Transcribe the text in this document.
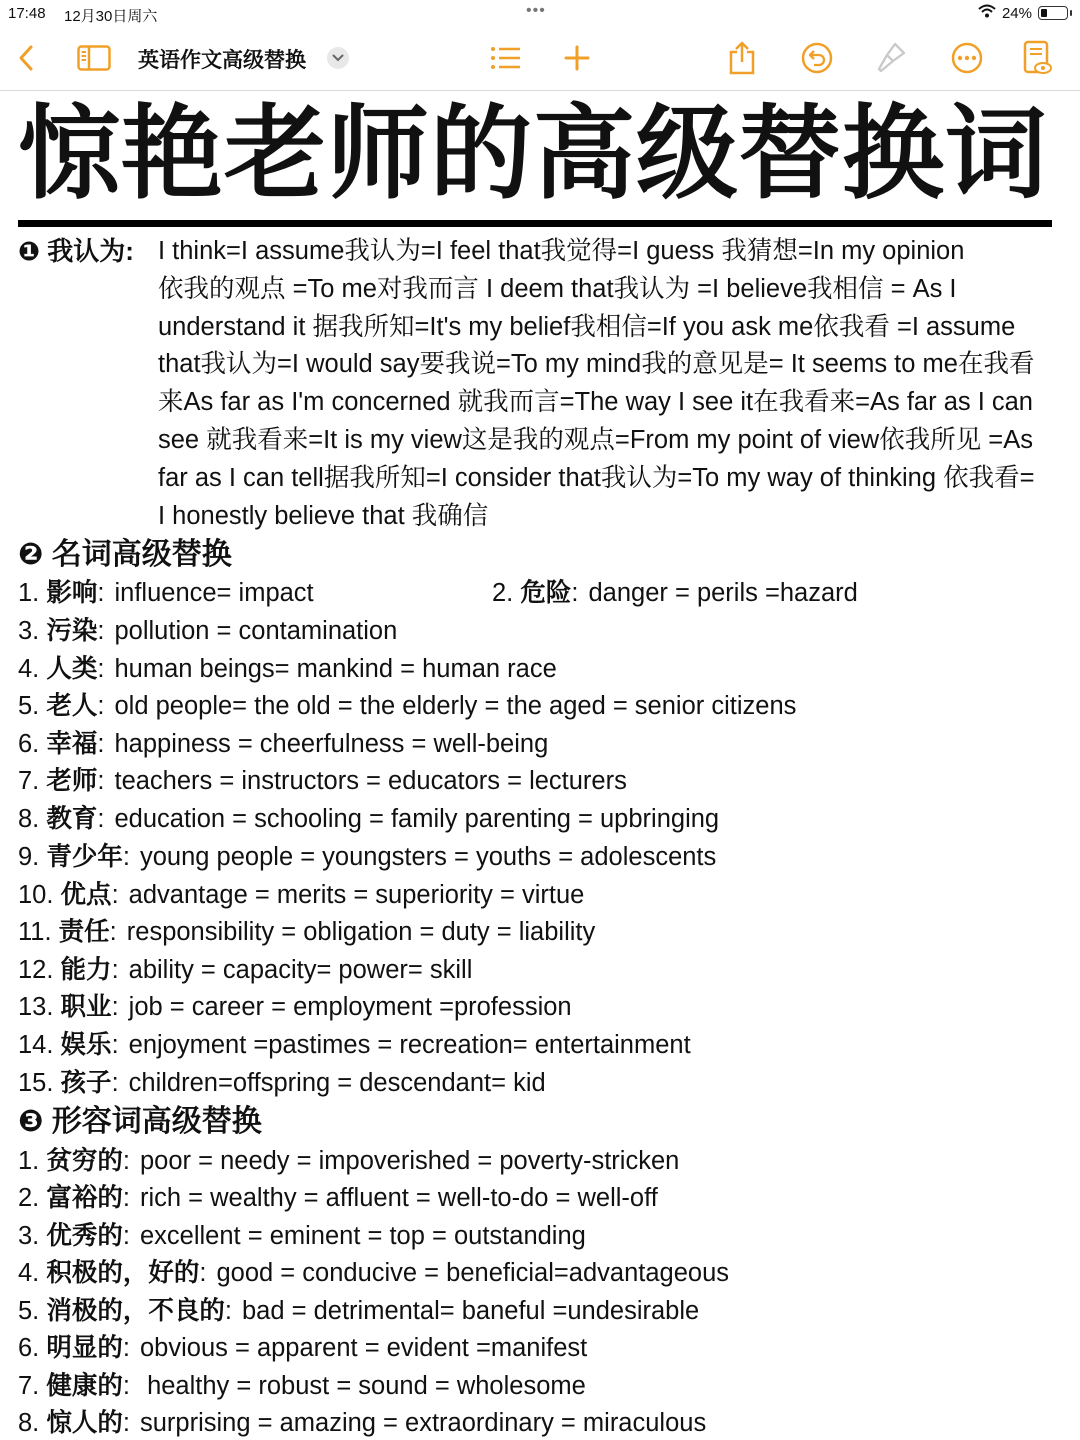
17:48 12月30日周六	•••	24%
英语作文高级替换
惊艳老师的高级替换词
❶ 我认为: I think=I assume我认为=I feel that我觉得=I guess 我猜想=In my opinion
依我的观点 =To me对我而言 I deem that我认为 =I believe我相信 = As I
understand it 据我所知=It's my belief我相信=If you ask me依我看 =I assume
that我认为=I would say要我说=To my mind我的意见是= It seems to me在我看
来As far as I'm concerned 就我而言=The way I see it在我看来=As far as I can
see 就我看来=It is my view这是我的观点=From my point of view依我所见 =As
far as I can tell据我所知=I consider that我认为=To my way of thinking 依我看=
I honestly believe that 我确信
❷ 名词高级替换
1. 影响: influence= impact	2. 危险: danger = perils =hazard
3. 污染: pollution = contamination
4. 人类: human beings= mankind = human race
5. 老人: old people= the old = the elderly = the aged = senior citizens
6. 幸福: happiness = cheerfulness = well-being
7. 老师: teachers = instructors = educators = lecturers
8. 教育: education = schooling = family parenting = upbringing
9. 青少年: young people = youngsters = youths = adolescents
10. 优点: advantage = merits = superiority = virtue
11. 责任: responsibility = obligation = duty = liability
12. 能力: ability = capacity= power= skill
13. 职业: job = career = employment =profession
14. 娱乐: enjoyment =pastimes = recreation= entertainment
15. 孩子: children=offspring = descendant= kid
❸ 形容词高级替换
1. 贫穷的: poor = needy = impoverished = poverty-stricken
2. 富裕的: rich = wealthy = affluent = well-to-do = well-off
3. 优秀的: excellent = eminent = top = outstanding
4. 积极的，好的: good = conducive = beneficial=advantageous
5. 消极的，不良的: bad = detrimental= baneful =undesirable
6. 明显的: obvious = apparent = evident =manifest
7. 健康的: healthy = robust = sound = wholesome
8. 惊人的: surprising = amazing = extraordinary = miraculous
